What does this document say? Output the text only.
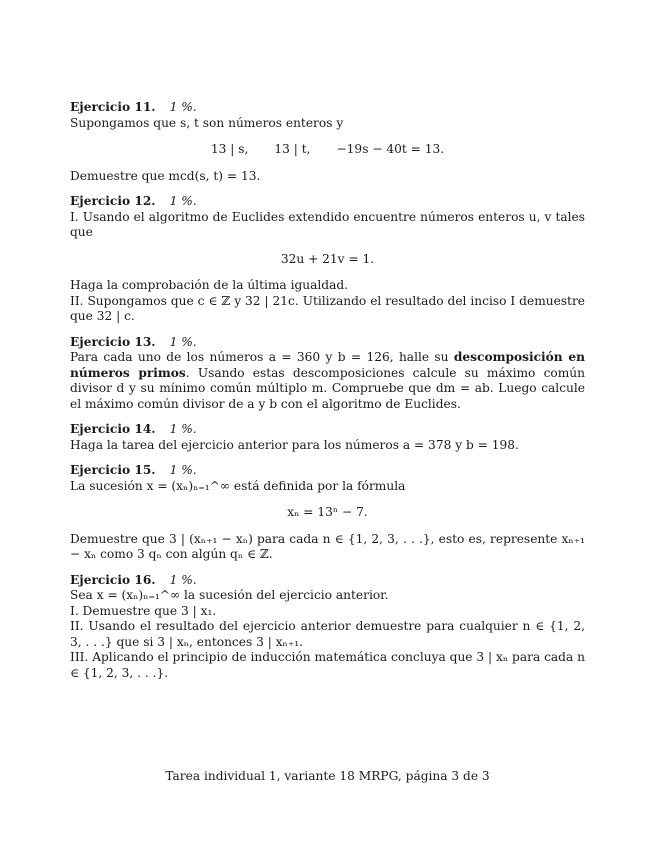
Ejercicio 11. 1 %.

Supongamos que s, t son números enteros y

13 | s, 13 | t, −19s − 40t = 13.

Demuestre que mcd(s, t) = 13.

Ejercicio 12. 1 %.

I. Usando el algoritmo de Euclides extendido encuentre números enteros u, v tales que

32u + 21v = 1.

Haga la comprobación de la última igualdad.

II. Supongamos que c ∈ ℤ y 32 | 21c. Utilizando el resultado del inciso I demuestre que 32 | c.

Ejercicio 13. 1 %.

Para cada uno de los números a = 360 y b = 126, halle su descomposición en números primos. Usando estas descomposiciones calcule su máximo común divisor d y su mínimo común múltiplo m. Compruebe que dm = ab. Luego calcule el máximo común divisor de a y b con el algoritmo de Euclides.

Ejercicio 14. 1 %.

Haga la tarea del ejercicio anterior para los números a = 378 y b = 198.

Ejercicio 15. 1 %.

La sucesión x = (xₙ)ₙ₌₁^∞ está definida por la fórmula

xₙ = 13ⁿ − 7.

Demuestre que 3 | (xₙ₊₁ − xₙ) para cada n ∈ {1, 2, 3, . . .}, esto es, represente xₙ₊₁ − xₙ como 3 qₙ con algún qₙ ∈ ℤ.

Ejercicio 16. 1 %.

Sea x = (xₙ)ₙ₌₁^∞ la sucesión del ejercicio anterior.

I. Demuestre que 3 | x₁.

II. Usando el resultado del ejercicio anterior demuestre para cualquier n ∈ {1, 2, 3, . . .} que si 3 | xₙ, entonces 3 | xₙ₊₁.

III. Aplicando el principio de inducción matemática concluya que 3 | xₙ para cada n ∈ {1, 2, 3, . . .}.

Tarea individual 1, variante 18 MRPG, página 3 de 3
